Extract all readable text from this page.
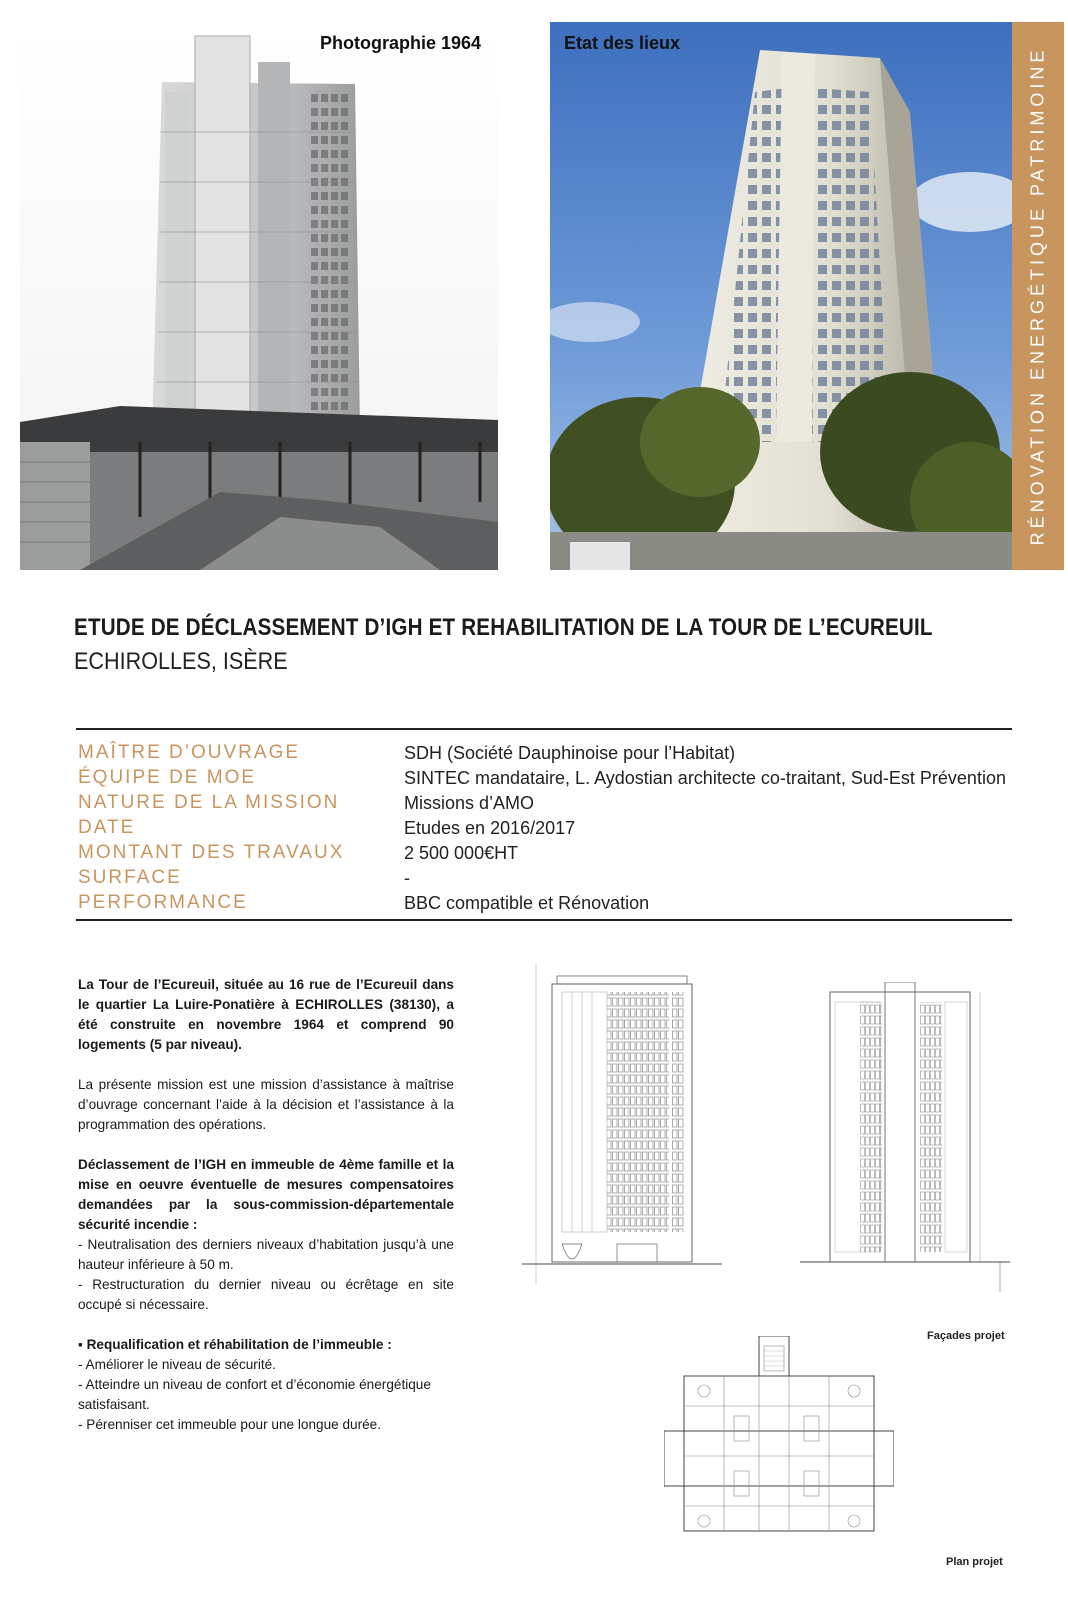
Photographie 1964	Etat des lieux
RÉNOVATION ENERGÉTIQUE PATRIMOINE
ETUDE DE DÉCLASSEMENT D’IGH ET REHABILITATION DE LA TOUR DE L’ECUREUIL
ECHIROLLES, ISÈRE
MAÎTRE D’OUVRAGE	SDH (Société Dauphinoise pour l’Habitat)
ÉQUIPE DE MOE	SINTEC mandataire, L. Aydostian architecte co-traitant, Sud-Est Prévention
NATURE DE LA MISSION	Missions d’AMO
DATE	Etudes en 2016/2017
MONTANT DES TRAVAUX	2 500 000€HT
SURFACE	-
PERFORMANCE	BBC compatible et Rénovation

La Tour de l’Ecureuil, située au 16 rue de l’Ecureuil dans le quartier La Luire-Ponatière à ECHIROLLES (38130), a été construite en novembre 1964 et comprend 90 logements (5 par niveau).

La présente mission est une mission d’assistance à maîtrise d’ouvrage concernant l’aide à la décision et l’assistance à la programmation des opérations.

Déclassement de l’IGH en immeuble de 4ème famille et la mise en oeuvre éventuelle de mesures compensatoires demandées par la sous-commission-départementale sécurité incendie :

- Neutralisation des derniers niveaux d’habitation jusqu’à une hauteur inférieure à 50 m.

- Restructuration du dernier niveau ou écrêtage en site occupé si nécessaire.

▪ Requalification et réhabilitation de l’immeuble :

- Améliorer le niveau de sécurité.

- Atteindre un niveau de confort et d’économie énergétique satisfaisant.

- Pérenniser cet immeuble pour une longue durée.

Façades projet
Plan projet
